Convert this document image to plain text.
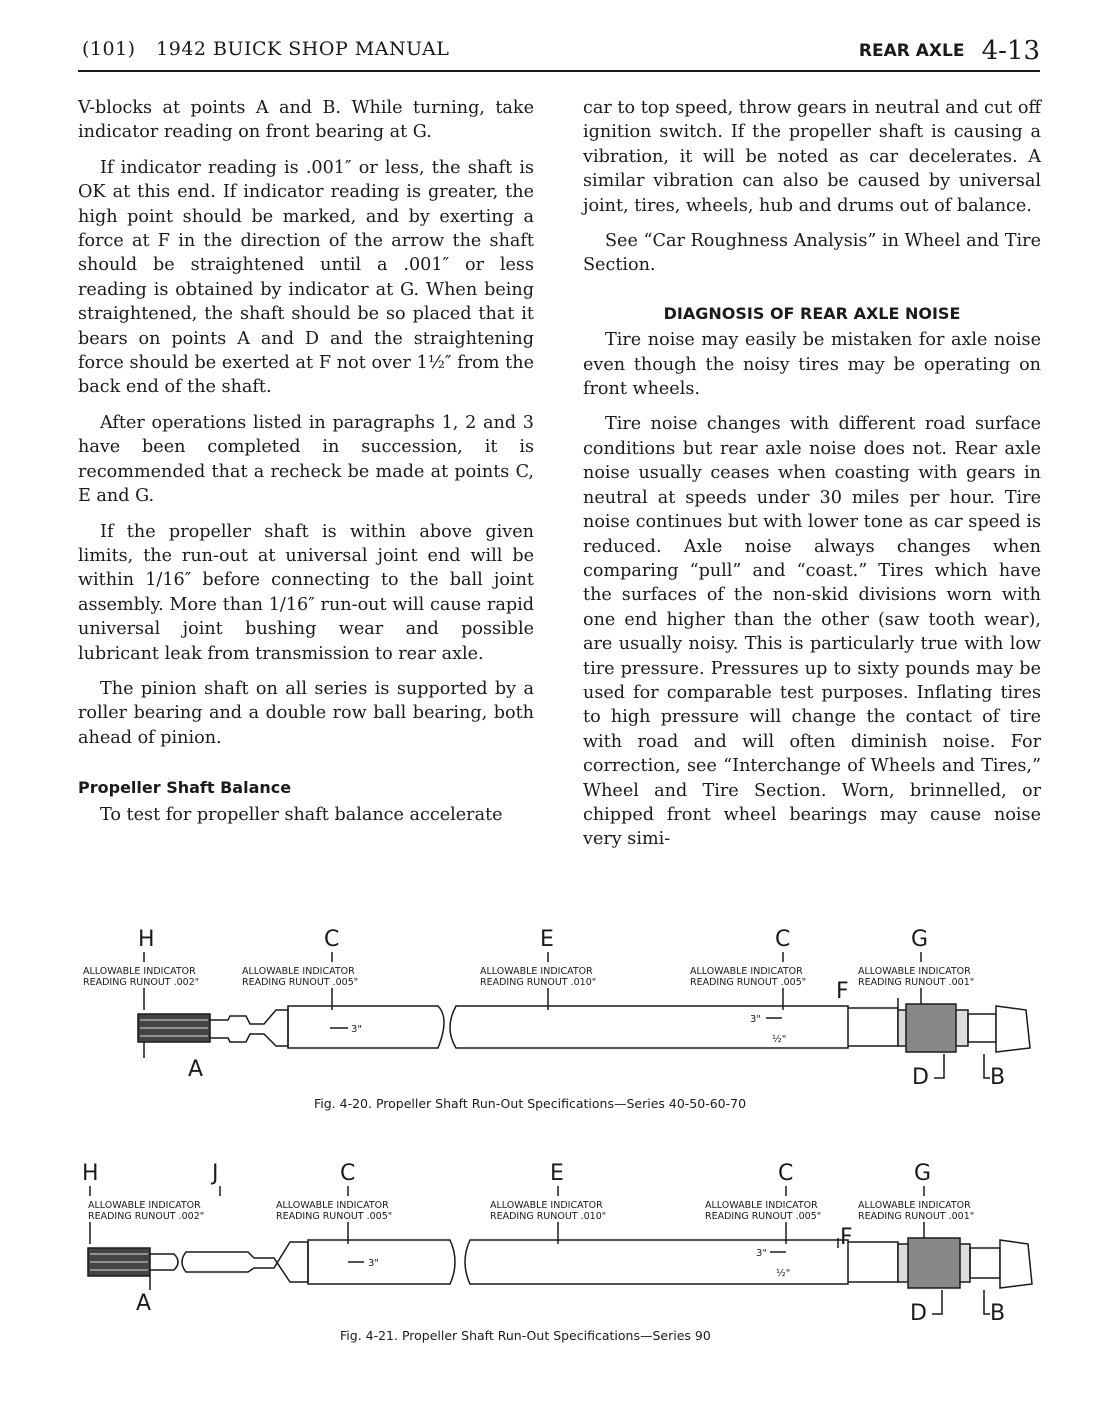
(101) 1942 BUICK SHOP MANUAL	REAR AXLE 4-13

V-blocks at points A and B. While turning, take indicator reading on front bearing at G.

If indicator reading is .001″ or less, the shaft is OK at this end. If indicator reading is greater, the high point should be marked, and by exerting a force at F in the direction of the arrow the shaft should be straightened until a .001″ or less reading is obtained by indicator at G. When being straightened, the shaft should be so placed that it bears on points A and D and the straightening force should be exerted at F not over 1½″ from the back end of the shaft.

After operations listed in paragraphs 1, 2 and 3 have been completed in succession, it is recommended that a recheck be made at points C, E and G.

If the propeller shaft is within above given limits, the run-out at universal joint end will be within 1/16″ before connecting to the ball joint assembly. More than 1/16″ run-out will cause rapid universal joint bushing wear and possible lubricant leak from transmission to rear axle.

The pinion shaft on all series is supported by a roller bearing and a double row ball bearing, both ahead of pinion.

Propeller Shaft Balance

To test for propeller shaft balance accelerate

car to top speed, throw gears in neutral and cut off ignition switch. If the propeller shaft is causing a vibration, it will be noted as car decelerates. A similar vibration can also be caused by universal joint, tires, wheels, hub and drums out of balance.

See “Car Roughness Analysis” in Wheel and Tire Section.

DIAGNOSIS OF REAR AXLE NOISE

Tire noise may easily be mistaken for axle noise even though the noisy tires may be operating on front wheels.

Tire noise changes with different road surface conditions but rear axle noise does not. Rear axle noise usually ceases when coasting with gears in neutral at speeds under 30 miles per hour. Tire noise continues but with lower tone as car speed is reduced. Axle noise always changes when comparing “pull” and “coast.” Tires which have the surfaces of the non-skid divisions worn with one end higher than the other (saw tooth wear), are usually noisy. This is particularly true with low tire pressure. Pressures up to sixty pounds may be used for comparable test purposes. Inflating tires to high pressure will change the contact of tire with road and will often diminish noise. For correction, see “Interchange of Wheels and Tires,” Wheel and Tire Section. Worn, brinnelled, or chipped front wheel bearings may cause noise very simi-

H	C	E	C	G
ALLOWABLE INDICATOR
READING RUNOUT .002"
ALLOWABLE INDICATOR
READING RUNOUT .005"
ALLOWABLE INDICATOR
READING RUNOUT .010"
ALLOWABLE INDICATOR
READING RUNOUT .005"
ALLOWABLE INDICATOR
READING RUNOUT .001"
3"
F
3"
½"
A	D	B
Fig. 4-20. Propeller Shaft Run-Out Specifications—Series 40-50-60-70
H	J	C	E	C	G
ALLOWABLE INDICATOR
READING RUNOUT .002"
ALLOWABLE INDICATOR
READING RUNOUT .005"
ALLOWABLE INDICATOR
READING RUNOUT .010"
ALLOWABLE INDICATOR
READING RUNOUT .005"
ALLOWABLE INDICATOR
READING RUNOUT .001"
3"
F
3"
½"
A	D	B
Fig. 4-21. Propeller Shaft Run-Out Specifications—Series 90
